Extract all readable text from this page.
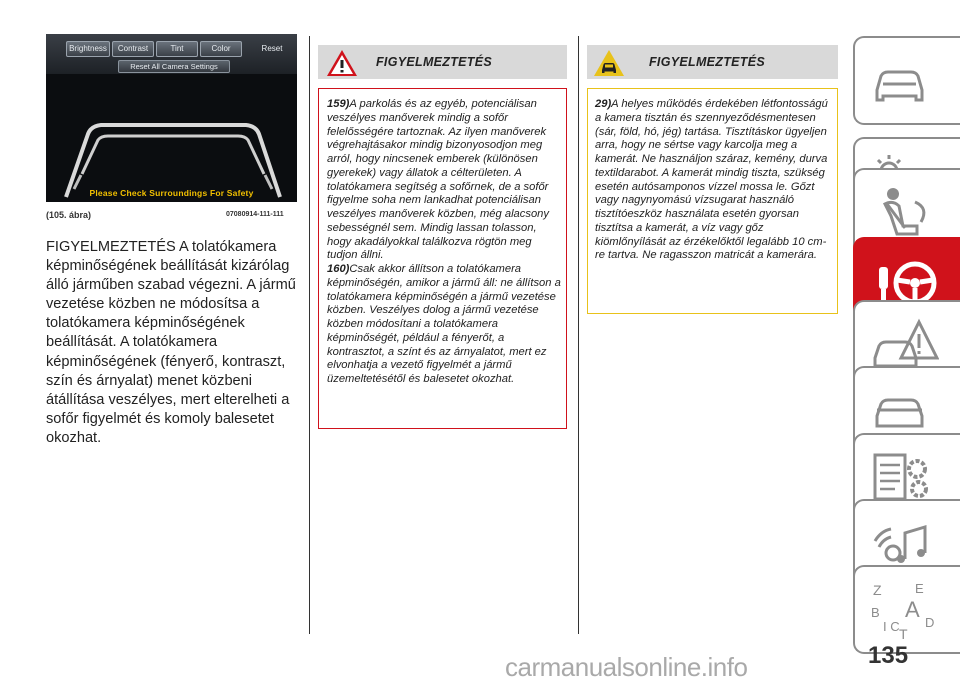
Brightness	Contrast	Tint	Color	Reset
Reset All Camera Settings
Please Check Surroundings For Safety
(105. ábra)	07080914-111-111
FIGYELMEZTETÉS A tolatókamera képminőségének beállítását kizárólag álló járműben szabad végezni. A jármű vezetése közben ne módosítsa a tolatókamera képminőségének beállítását. A tolatókamera képminőségének (fényerő, kontraszt, szín és árnyalat) menet közbeni átállítása veszélyes, mert elterelheti a sofőr figyelmét és komoly balesetet okozhat.
FIGYELMEZTETÉS
159)A parkolás és az egyéb, potenciálisan veszélyes manőverek mindig a sofőr felelősségére tartoznak. Az ilyen manőverek végrehajtásakor mindig bizonyosodjon meg arról, hogy nincsenek emberek (különösen gyerekek) vagy állatok a célterületen. A tolatókamera segítség a sofőrnek, de a sofőr figyelme soha nem lankadhat potenciálisan veszélyes manőverek közben, még alacsony sebességnél sem. Mindig lassan tolasson, hogy akadályokkal találkozva rögtön meg tudjon állni.
160)Csak akkor állítson a tolatókamera képminőségén, amikor a jármű áll: ne állítson a tolatókamera képminőségén a jármű vezetése közben. Veszélyes dolog a jármű vezetése közben módosítani a tolatókamera képminőségét, például a fényerőt, a kontrasztot, a színt és az árnyalatot, mert ez elvonhatja a vezető figyelmét a jármű üzemeltetésétől és balesetet okozhat.
FIGYELMEZTETÉS
29)A helyes működés érdekében létfontosságú a kamera tisztán és szennyeződésmentesen (sár, föld, hó, jég) tartása. Tisztításkor ügyeljen arra, hogy ne sértse vagy karcolja meg a kamerát. Ne használjon száraz, kemény, durva textildarabot. A kamerát mindig tiszta, szükség esetén autósamponos vízzel mossa le. Gőzt vagy nagynyomású vízsugarat használó tisztítóeszköz használata esetén gyorsan tisztítsa a kamerát, a víz vagy gőz kiömlőnyílását az érzékelőktől legalább 10 cm-re tartva. Ne ragasszon matricát a kamerára.
Z	E
B A
I C T
D
135
carmanualsonline.info
